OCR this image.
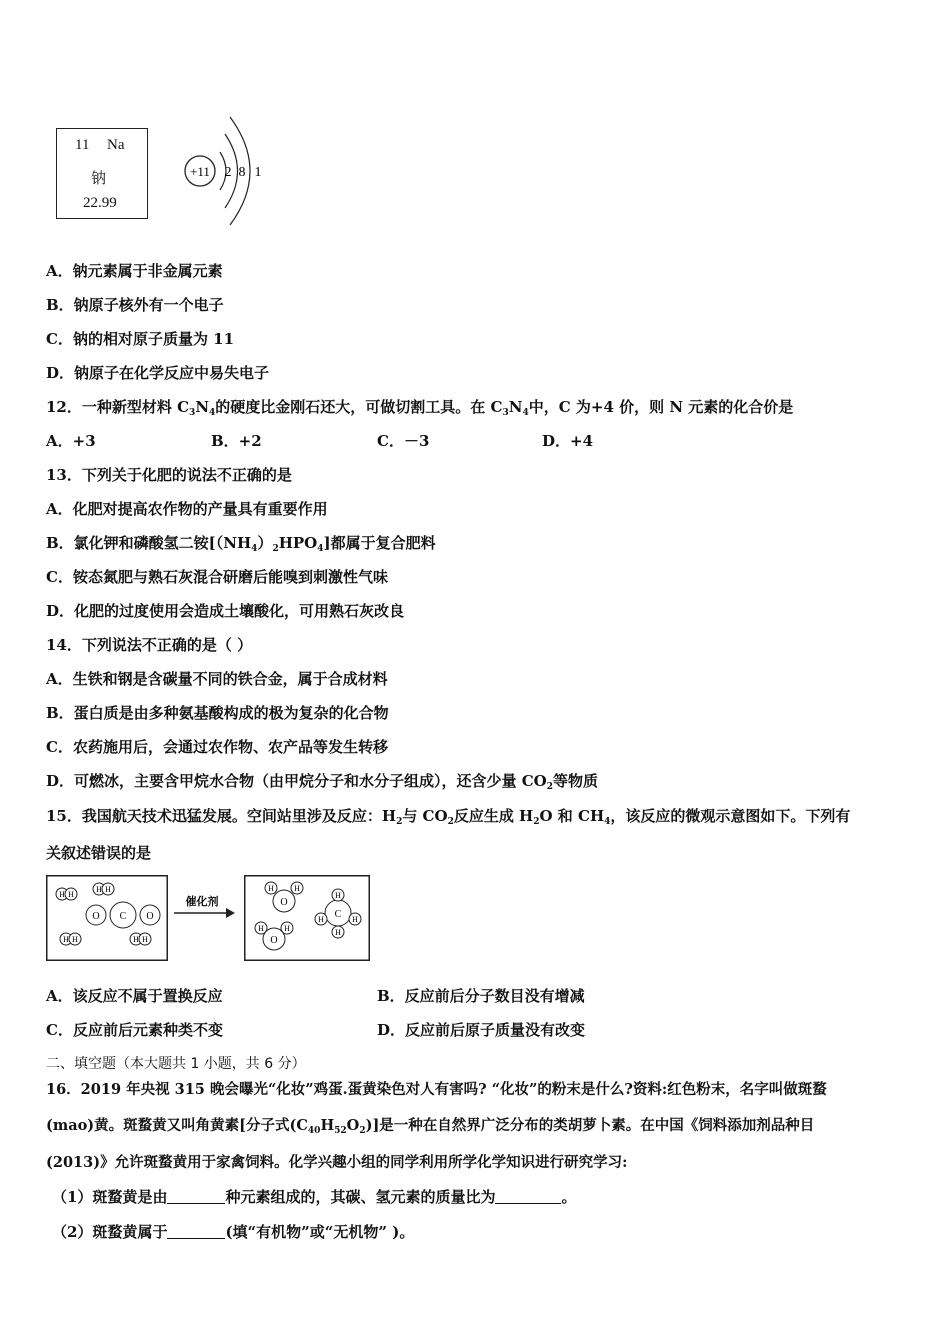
11 Na
钠
22.99
+11 2 8 1
A．钠元素属于非金属元素
B．钠原子核外有一个电子
C．钠的相对原子质量为 11
D．钠原子在化学反应中易失电子
12．一种新型材料 $C_3N_4$的硬度比金刚石还大，可做切割工具。在 $C_3N_4$中，C 为+4 价，则 N 元素的化合价是
A．+3	B．+2	C．－3	D．+4
13．下列关于化肥的说法不正确的是
A．化肥对提高农作物的产量具有重要作用
B．氯化钾和磷酸氢二铵$[(NH_4)_2HPO_4]$都属于复合肥料
C．铵态氮肥与熟石灰混合研磨后能嗅到刺激性气味
D．化肥的过度使用会造成土壤酸化，可用熟石灰改良
14．下列说法不正确的是（ ）
A．生铁和钢是含碳量不同的铁合金，属于合成材料
B．蛋白质是由多种氨基酸构成的极为复杂的化合物
C．农药施用后，会通过农作物、农产品等发生转移
D．可燃冰，主要含甲烷水合物（由甲烷分子和水分子组成），还含少量 $CO_2$等物质
15．我国航天技术迅猛发展。空间站里涉及反应：$H_2$与 $CO_2$反应生成 $H_2O$ 和 $CH_4$，该反应的微观示意图如下。下列有
关叙述错误的是
H H
H H
H H	H H
O	O
C
催化剂
H	H
O
H	H
O
C
H
H	H
H
A．该反应不属于置换反应	B．反应前后分子数目没有增减
C．反应前后元素种类不变	D．反应前后原子质量没有改变
二、填空题（本大题共 1 小题，共 6 分）
16．2019 年央视 315 晚会曝光“化妆”鸡蛋.蛋黄染色对人有害吗? “化妆”的粉末是什么?资料:红色粉末，名字叫做斑蝥
(mao)黄。斑蝥黄又叫角黄素[分子式$(C_{40}H_{52}O_2)$]是一种在自然界广泛分布的类胡萝卜素。在中国《饲料添加剂品种目
(2013)》允许斑蝥黄用于家禽饲料。化学兴趣小组的同学利用所学化学知识进行研究学习:
（1）斑蝥黄是由	种元素组成的，其碳、氢元素的质量比为	。
（2）斑蝥黄属于	(填“有机物”或“无机物” )。
